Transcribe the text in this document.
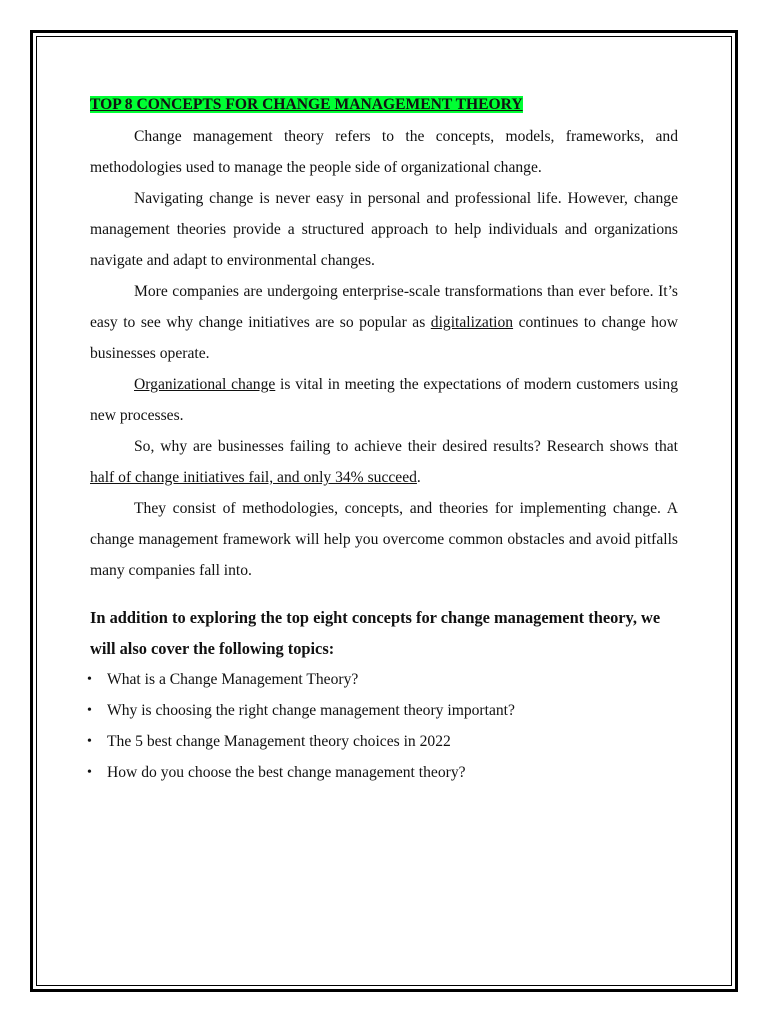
TOP 8 CONCEPTS FOR CHANGE MANAGEMENT THEORY

Change management theory refers to the concepts, models, frameworks, and methodologies used to manage the people side of organizational change.

Navigating change is never easy in personal and professional life. However, change management theories provide a structured approach to help individuals and organizations navigate and adapt to environmental changes.

More companies are undergoing enterprise-scale transformations than ever before. It’s easy to see why change initiatives are so popular as digitalization continues to change how businesses operate.

Organizational change is vital in meeting the expectations of modern customers using new processes.

So, why are businesses failing to achieve their desired results? Research shows that half of change initiatives fail, and only 34% succeed.

They consist of methodologies, concepts, and theories for implementing change. A change management framework will help you overcome common obstacles and avoid pitfalls many companies fall into.

In addition to exploring the top eight concepts for change management theory, we will also cover the following topics:

• What is a Change Management Theory?
• Why is choosing the right change management theory important?
• The 5 best change Management theory choices in 2022
• How do you choose the best change management theory?
